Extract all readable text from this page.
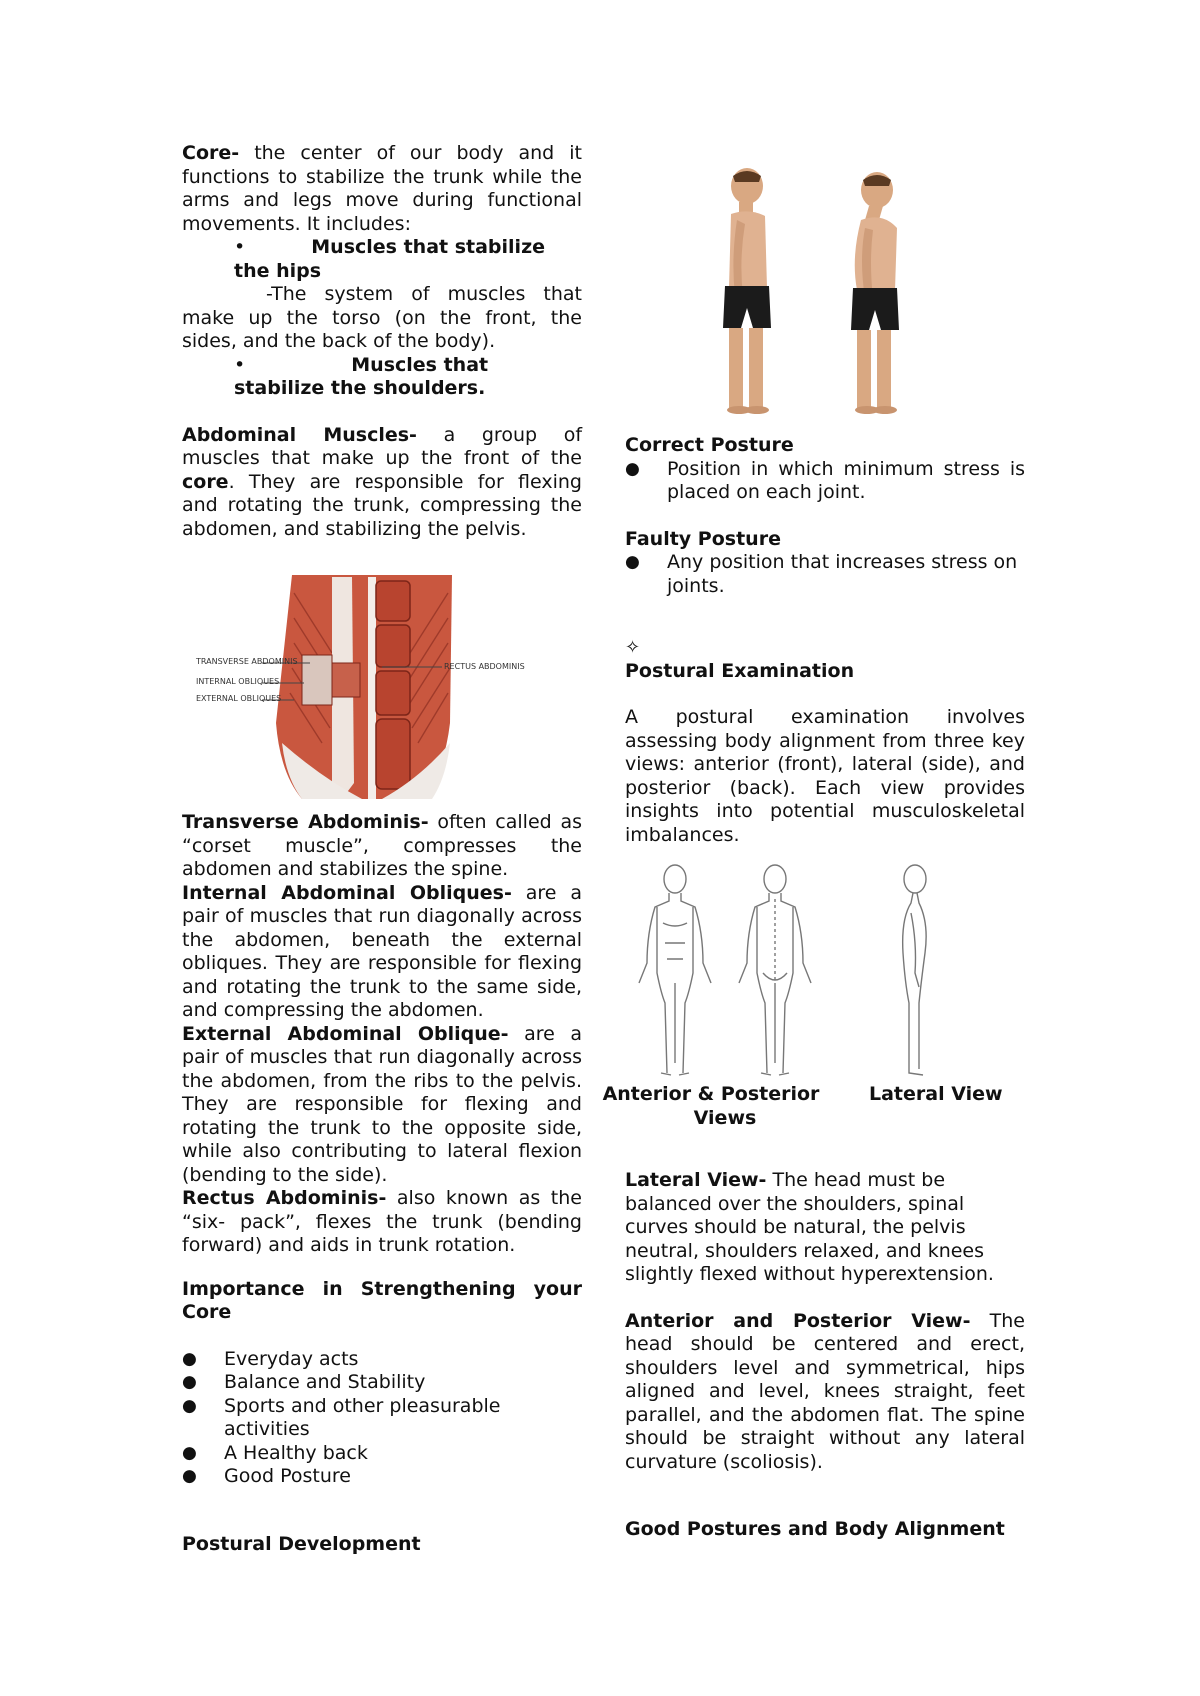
Core- the center of our body and it functions to stabilize the trunk while the arms and legs move during functional movements. It includes:

•	Muscles that stabilize the hips

-The system of muscles that make up the torso (on the front, the sides, and the back of the body).

•	Muscles that stabilize the shoulders.

Abdominal Muscles- a group of muscles that make up the front of the core. They are responsible for flexing and rotating the trunk, compressing the abdomen, and stabilizing the pelvis.

TRANSVERSE ABDOMINIS
INTERNAL OBLIQUES
EXTERNAL OBLIQUES
RECTUS ABDOMINIS

Transverse Abdominis- often called as “corset muscle”, compresses the abdomen and stabilizes the spine.

Internal Abdominal Obliques- are a pair of muscles that run diagonally across the abdomen, beneath the external obliques. They are responsible for flexing and rotating the trunk to the same side, and compressing the abdomen.

External Abdominal Oblique- are a pair of muscles that run diagonally across the abdomen, from the ribs to the pelvis. They are responsible for flexing and rotating the trunk to the opposite side, while also contributing to lateral flexion (bending to the side).

Rectus Abdominis- also known as the “six- pack”, flexes the trunk (bending forward) and aids in trunk rotation.

Importance in Strengthening your Core

● Everyday acts
● Balance and Stability
● Sports and other pleasurable activities
● A Healthy back
● Good Posture

Postural Development

Correct Posture

● Position in which minimum stress is placed on each joint.

Faulty Posture

● Any position that increases stress on joints.

✧

Postural Examination

A postural examination involves assessing body alignment from three key views: anterior (front), lateral (side), and posterior (back). Each view provides insights into potential musculoskeletal imbalances.

Anterior & Posterior Views

Lateral View

Lateral View- The head must be balanced over the shoulders, spinal curves should be natural, the pelvis neutral, shoulders relaxed, and knees slightly flexed without hyperextension.

Anterior and Posterior View- The head should be centered and erect, shoulders level and symmetrical, hips aligned and level, knees straight, feet parallel, and the abdomen flat. The spine should be straight without any lateral curvature (scoliosis).

Good Postures and Body Alignment
